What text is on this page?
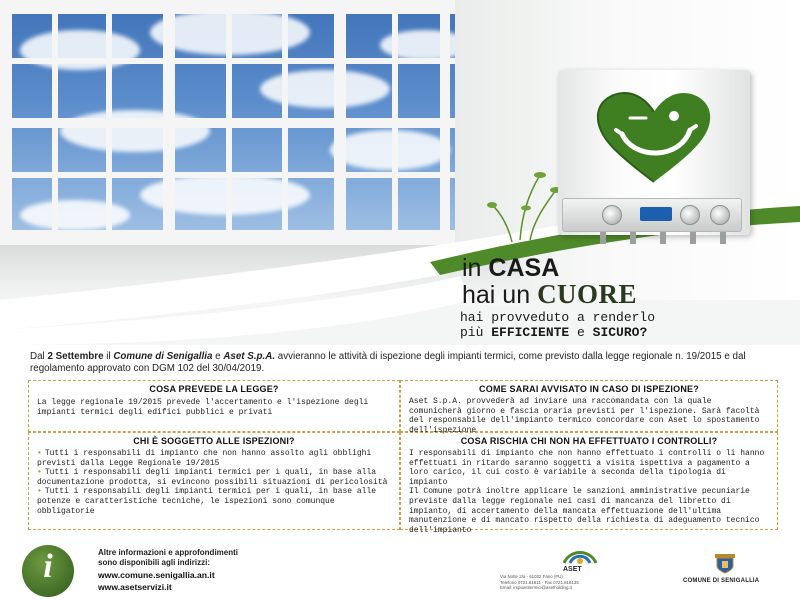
in CASA
hai un CUORE
hai provveduto a renderlo
più EFFICIENTE e SICURO?
Dal 2 Settembre il Comune di Senigallia e Aset S.p.A. avvieranno le attività di ispezione degli impianti termici, come previsto dalla legge regionale n. 19/2015 e dal regolamento approvato con DGM 102 del 30/04/2019.
COSA PREVEDE LA LEGGE?
La legge regionale 19/2015 prevede l'accertamento e l'ispezione degli impianti termici degli edifici pubblici e privati
COME SARAI AVVISATO IN CASO DI ISPEZIONE?
Aset S.p.A. provvederà ad inviare una raccomandata con la quale comunicherà giorno e fascia oraria previsti per l'ispezione. Sarà facoltà del responsabile dell'impianto termico concordare con Aset lo spostamento dell'ispezione
CHI È SOGGETTO ALLE ISPEZIONI?
• Tutti i responsabili di impianto che non hanno assolto agli obblighi previsti dalla Legge Regionale 19/2015
• Tutti i responsabili degli impianti termici per i quali, in base alla documentazione prodotta, si evincono possibili situazioni di pericolosità
• Tutti i responsabili degli impianti termici per i quali, in base alle potenze e caratteristiche tecniche, le ispezioni sono comunque obbligatorie
COSA RISCHIA CHI NON HA EFFETTUATO I CONTROLLI?
I responsabili di impianto che non hanno effettuato i controlli o li hanno effettuati in ritardo saranno soggetti a visita ispettiva a pagamento a loro carico, il cui costo è variabile a seconda della tipologia di impianto
Il Comune potrà inoltre applicare le sanzioni amministrative pecuniarie previste dalla legge regionale nei casi di mancanza del libretto di impianto, di accertamento della mancata effettuazione dell'ultima manutenzione e di mancato rispetto della richiesta di adeguamento tecnico dell'impianto
i	Altre informazioni e approfondimenti
sono disponibili agli indirizzi:
www.comune.senigallia.an.it
www.asetservizi.it
ASET
Via Notte 2/a - 61032 Fano (PU)
Telefono 0721.81811 - Fax 0721.818135
Email: impiantitermici@asetholding.it
COMUNE DI SENIGALLIA
